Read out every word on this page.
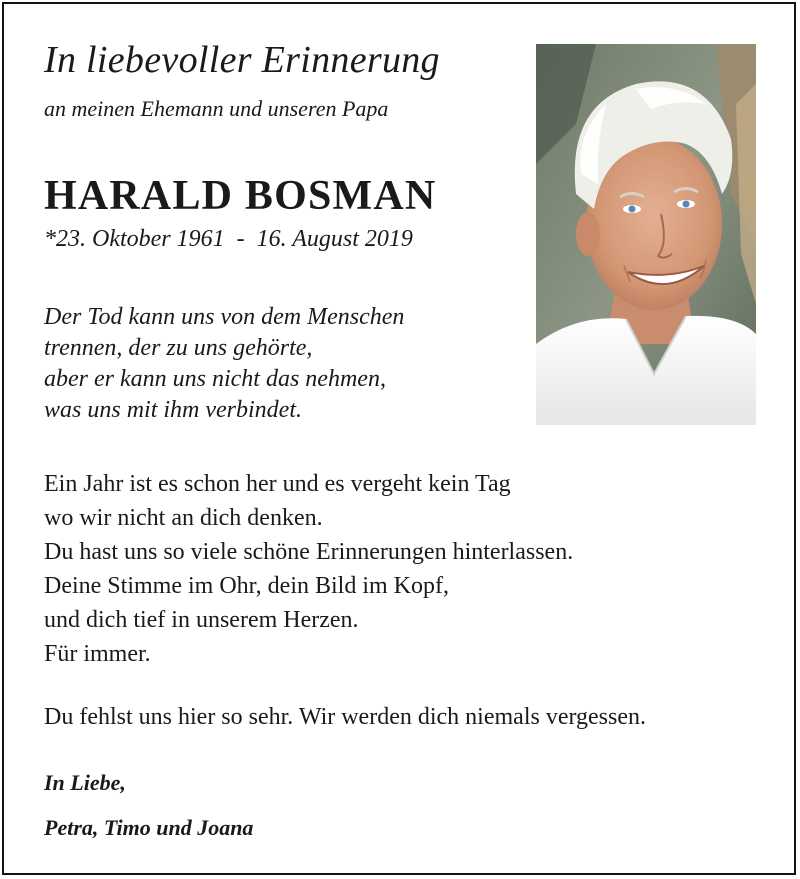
In liebevoller Erinnerung
an meinen Ehemann und unseren Papa
HARALD BOSMAN
*23. Oktober 1961  -  16. August 2019
Der Tod kann uns von dem Menschen
trennen, der zu uns gehörte,
aber er kann uns nicht das nehmen,
was uns mit ihm verbindet.
Ein Jahr ist es schon her und es vergeht kein Tag
wo wir nicht an dich denken.
Du hast uns so viele schöne Erinnerungen hinterlassen.
Deine Stimme im Ohr, dein Bild im Kopf,
und dich tief in unserem Herzen.
Für immer.
Du fehlst uns hier so sehr. Wir werden dich niemals vergessen.
In Liebe,
Petra, Timo und Joana
